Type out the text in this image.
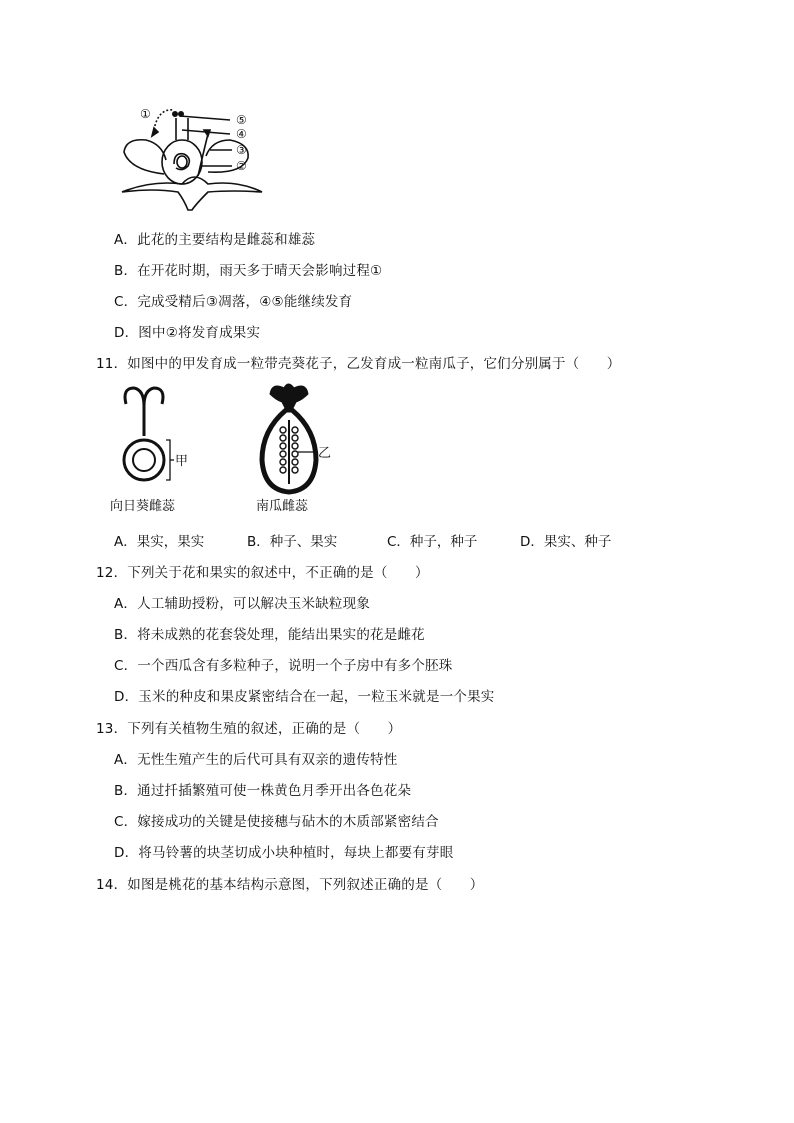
①	⑤
④
③
②
A．此花的主要结构是雌蕊和雄蕊
B．在开花时期，雨天多于晴天会影响过程①
C．完成受精后③凋落，④⑤能继续发育
D．图中②将发育成果实
11．如图中的甲发育成一粒带壳葵花子，乙发育成一粒南瓜子，它们分别属于（　　）
甲
向日葵雌蕊
乙
南瓜雌蕊
A．果实，果实	B．种子、果实	C．种子，种子	D．果实、种子
12．下列关于花和果实的叙述中，不正确的是（　　）
A．人工辅助授粉，可以解决玉米缺粒现象
B．将未成熟的花套袋处理，能结出果实的花是雌花
C．一个西瓜含有多粒种子，说明一个子房中有多个胚珠
D．玉米的种皮和果皮紧密结合在一起，一粒玉米就是一个果实
13．下列有关植物生殖的叙述，正确的是（　　）
A．无性生殖产生的后代可具有双亲的遗传特性
B．通过扦插繁殖可使一株黄色月季开出各色花朵
C．嫁接成功的关键是使接穗与砧木的木质部紧密结合
D．将马铃薯的块茎切成小块种植时，每块上都要有芽眼
14．如图是桃花的基本结构示意图，下列叙述正确的是（　　）
